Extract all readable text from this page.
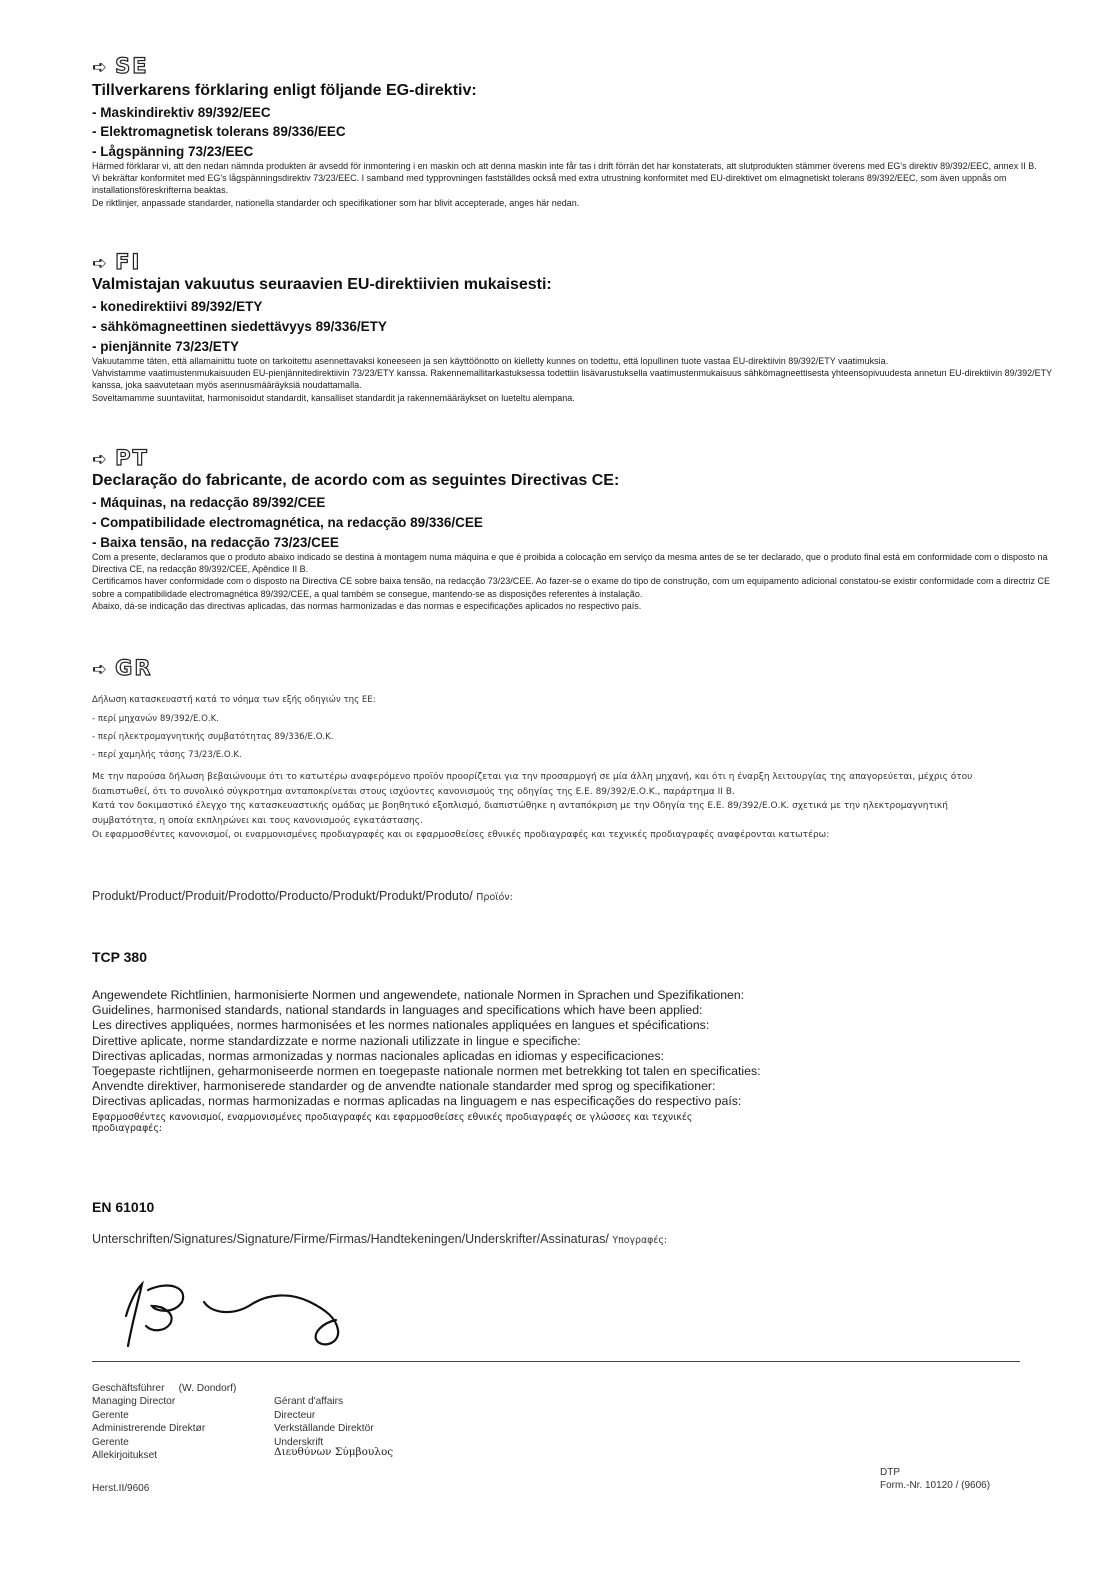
➪ SE
Tillverkarens förklaring enligt följande EG-direktiv:
- Maskindirektiv 89/392/EEC
- Elektromagnetisk tolerans 89/336/EEC
- Lågspänning 73/23/EEC
Härmed förklarar vi, att den nedan nämnda produkten är avsedd för inmontering i en maskin och att denna maskin inte får tas i drift förrän det har konstaterats, att slutprodukten stämmer överens med EG's direktiv 89/392/EEC, annex II B.
Vi bekräftar konformitet med EG's lågspänningsdirektiv 73/23/EEC. I samband med typprovningen fastställdes också med extra utrustning konformitet med EU-direktivet om elmagnetiskt tolerans 89/392/EEC, som även uppnås om installationsföreskrifterna beaktas.
De riktlinjer, anpassade standarder, nationella standarder och specifikationer som har blivit accepterade, anges här nedan.
➪ FI
Valmistajan vakuutus seuraavien EU-direktiivien mukaisesti:
- konedirektiivi 89/392/ETY
- sähkömagneettinen siedettävyys 89/336/ETY
- pienjännite 73/23/ETY
Vakuutamme täten, että allamainittu tuote on tarkoitettu asennettavaksi koneeseen ja sen käyttöönotto on kielletty kunnes on todettu, että lopullinen tuote vastaa EU-direktiivin 89/392/ETY vaatimuksia.
Vahvistamme vaatimustenmukaisuuden EU-pienjännitedirektiivin 73/23/ETY kanssa. Rakennemallitarkastuksessa todettiin lisävarustuksella vaatimustenmukaisuus sähkömagneettisesta yhteensopivuudesta annetun EU-direktiivin 89/392/ETY kanssa, joka saavutetaan myös asennusmääräyksiä noudattamalla.
Soveltamamme suuntaviitat, harmonisoidut standardit, kansalliset standardit ja rakennemääräykset on lueteltu alempana.
➪ PT
Declaração do fabricante, de acordo com as seguintes Directivas CE:
- Máquinas, na redacção 89/392/CEE
- Compatibilidade electromagnética, na redacção 89/336/CEE
- Baixa tensão, na redacção 73/23/CEE
Com a presente, declaramos que o produto abaixo indicado se destina à montagem numa máquina e que é proibida a colocação em serviço da mesma antes de se ter declarado, que o produto final está em conformidade com o disposto na Directiva CE, na redacção 89/392/CEE, Apêndice II B.
Certificamos haver conformidade com o disposto na Directiva CE sobre baixa tensão, na redacção 73/23/CEE. Ao fazer-se o exame do tipo de construção, com um equipamento adicional constatou-se existir conformidade com a directriz CE sobre a compatibilidade electromagnética 89/392/CEE, a qual também se consegue, mantendo-se as disposições referentes à instalação.
Abaixo, dá-se indicação das directivas aplicadas, das normas harmonizadas e das normas e especificações aplicados no respectivo país.
➪ GR
Δήλωση κατασκευαστή κατά το νόημα των εξής οδηγιών της ΕΕ:
- περί μηχανών 89/392/Ε.Ο.Κ.
- περί ηλεκτρομαγνητικής συμβατότητας 89/336/Ε.Ο.Κ.
- περί χαμηλής τάσης 73/23/Ε.Ο.Κ.
Με την παρούσα δήλωση βεβαιώνουμε ότι το κατωτέρω αναφερόμενο προϊόν προορίζεται για την προσαρμογή σε μία άλλη μηχανή, και ότι η έναρξη λειτουργίας της απαγορεύεται, μέχρις ότου διαπιστωθεί, ότι το συνολικό σύγκροτημα ανταποκρίνεται στους ισχύοντες κανονισμούς της οδηγίας της Ε.Ε. 89/392/Ε.Ο.Κ., παράρτημα II B.
Κατά τον δοκιμαστικό έλεγχο της κατασκευαστικής ομάδας με βοηθητικό εξοπλισμό, διαπιστώθηκε η ανταπόκριση με την Οδηγία της Ε.Ε. 89/392/Ε.Ο.Κ. σχετικά με την ηλεκτρομαγνητική συμβατότητα, η οποία εκπληρώνει και τους κανονισμούς εγκατάστασης.
Οι εφαρμοσθέντες κανονισμοί, οι εναρμονισμένες προδιαγραφές και οι εφαρμοσθείσες εθνικές προδιαγραφές και τεχνικές προδιαγραφές αναφέρονται κατωτέρω:
Produkt/Product/Produit/Prodotto/Producto/Produkt/Produkt/Produto/ Προϊόν:
TCP 380
Angewendete Richtlinien, harmonisierte Normen und angewendete, nationale Normen in Sprachen und Spezifikationen:
Guidelines, harmonised standards, national standards in languages and specifications which have been applied:
Les directives appliquées, normes harmonisées et les normes nationales appliquées en langues et spécifications:
Direttive aplicate, norme standardizzate e norme nazionali utilizzate in lingue e specifiche:
Directivas aplicadas, normas armonizadas y normas nacionales aplicadas en idiomas y especificaciones:
Toegepaste richtlijnen, geharmoniseerde normen en toegepaste nationale normen met betrekking tot talen en specificaties:
Anvendte direktiver, harmoniserede standarder og de anvendte nationale standarder med sprog og specifikationer:
Directivas aplicadas, normas harmonizadas e normas aplicadas na linguagem e nas especificações do respectivo país:
Εφαρμοσθέντες κανονισμοί, εναρμονισμένες προδιαγραφές και εφαρμοσθείσες εθνικές προδιαγραφές σε γλώσσες και τεχνικές προδιαγραφές:
EN 61010
Unterschriften/Signatures/Signature/Firme/Firmas/Handtekeningen/Underskrifter/Assinaturas/ Υπογραφές:
Geschäftsführer     (W. Dondorf)
Managing Director
Gerente
Administrerende Direktør
Gerente
Gérant d'affairs
Directeur
Verkställande Direktör
Underskrift
Allekirjoitukset	Διευθύνων Σύμβουλος
Herst.II/9606
DTP
Form.-Nr. 10120 / (9606)
